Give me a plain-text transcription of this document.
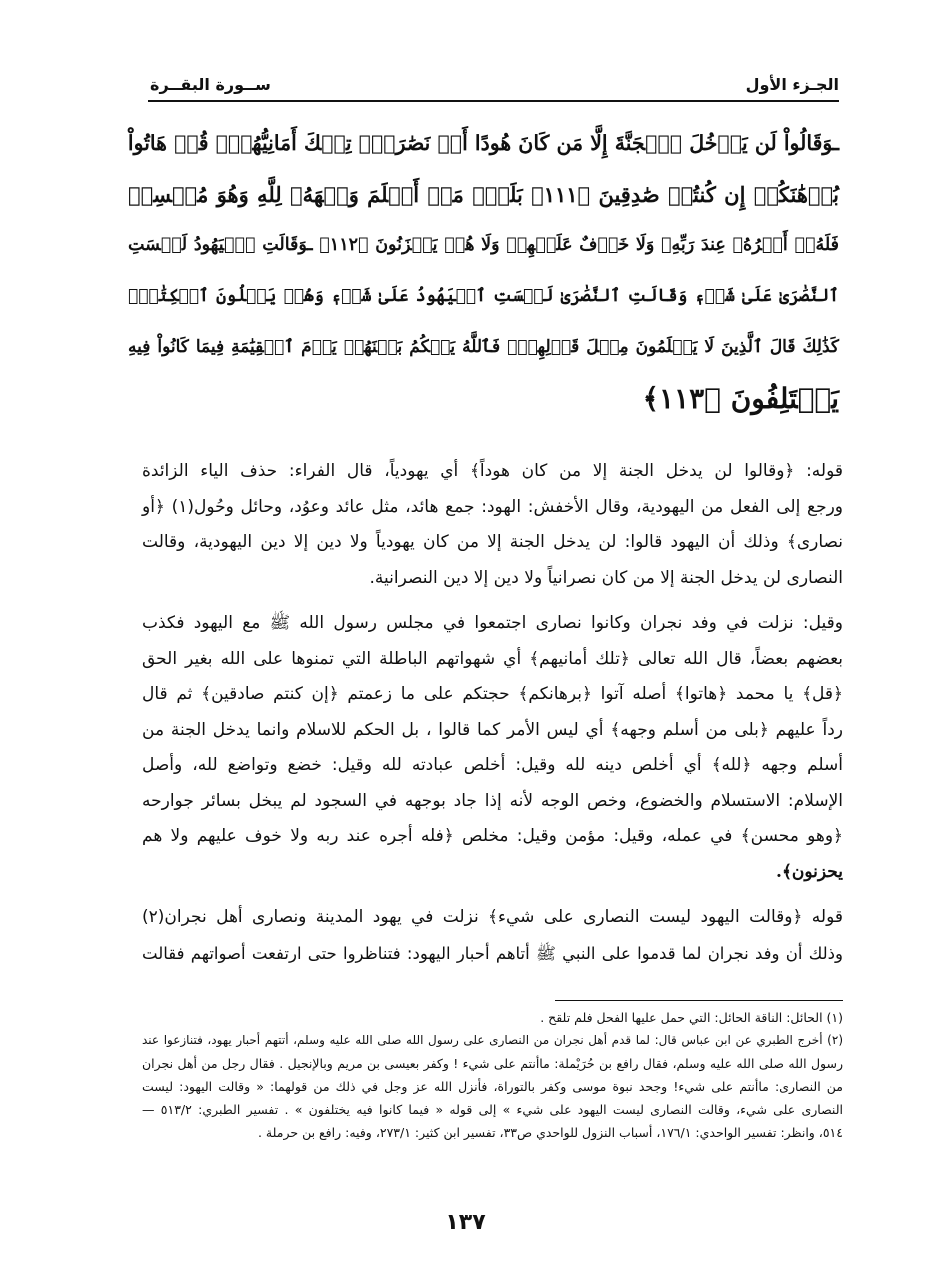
ســورة البقــرة	الجـزء الأول
ـوَقَالُواْ لَن يَدۡخُلَ ٱلۡجَنَّةَ إِلَّا مَن كَانَ هُودًا أَوۡ نَصَٰرَىٰۗ تِلۡكَ أَمَانِيُّهُمۡۗ قُلۡ هَاتُواْ
بُرۡهَٰنَكُمۡ إِن كُنتُمۡ صَٰدِقِينَ ﴿١١١﴾ بَلَىٰۚ مَنۡ أَسۡلَمَ وَجۡهَهُۥ لِلَّهِ وَهُوَ مُحۡسِنٞ
فَلَهُۥٓ أَجۡرُهُۥ عِندَ رَبِّهِۦ وَلَا خَوۡفٌ عَلَيۡهِمۡ وَلَا هُمۡ يَحۡزَنُونَ ﴿١١٢﴾ ـوَقَالَتِ ٱلۡيَهُودُ لَيۡسَتِ
ٱلنَّصَٰرَىٰ عَلَىٰ شَيۡءٖ وَقَالَتِ ٱلنَّصَٰرَىٰ لَيۡسَتِ ٱلۡيَهُودُ عَلَىٰ شَيۡءٖ وَهُمۡ يَتۡلُونَ ٱلۡكِتَٰبَۗ
كَذَٰلِكَ قَالَ ٱلَّذِينَ لَا يَعۡلَمُونَ مِثۡلَ قَوۡلِهِمۡۚ فَٱللَّهُ يَحۡكُمُ بَيۡنَهُمۡ يَوۡمَ ٱلۡقِيَٰمَةِ فِيمَا كَانُواْ فِيهِ
يَخۡتَلِفُونَ ﴿١١٣﴾
قوله: ﴿وقالوا لن يدخل الجنة إلا من كان هوداً﴾ أي يهودياً، قال الفراء: حذف الياء الزائدة
ورجع إلى الفعل من اليهودية، وقال الأخفش: الهود: جمع هائد، مثل عائد وعوُد، وحائل وحُول(١) ﴿أو
نصارى﴾ وذلك أن اليهود قالوا: لن يدخل الجنة إلا من كان يهودياً ولا دين إلا دين اليهودية، وقالت
النصارى لن يدخل الجنة إلا من كان نصرانياً ولا دين إلا دين النصرانية.
وقيل: نزلت في وفد نجران وكانوا نصارى اجتمعوا في مجلس رسول الله ﷺ مع اليهود فكذب
بعضهم بعضاً، قال الله تعالى ﴿تلك أمانيهم﴾ أي شهواتهم الباطلة التي تمنوها على الله بغير الحق
﴿قل﴾ يا محمد ﴿هاتوا﴾ أصله آتوا ﴿برهانكم﴾ حجتكم على ما زعمتم ﴿إن كنتم صادقين﴾ ثم قال
رداً عليهم ﴿بلى من أسلم وجهه﴾ أي ليس الأمر كما قالوا ، بل الحكم للاسلام وانما يدخل الجنة من
أسلم وجهه ﴿لله﴾ أي أخلص دينه لله وقيل: أخلص عبادته لله وقيل: خضع وتواضع لله، وأصل
الإسلام: الاستسلام والخضوع، وخص الوجه لأنه إذا جاد بوجهه في السجود لم يبخل بسائر جوارحه
﴿وهو محسن﴾ في عمله، وقيل: مؤمن وقيل: مخلص ﴿فله أجره عند ربه ولا خوف عليهم ولا هم
يحزنون﴾.
قوله ﴿وقالت اليهود ليست النصارى على شيء﴾ نزلت في يهود المدينة ونصارى أهل نجران(٢)
وذلك أن وفد نجران لما قدموا على النبي ﷺ أتاهم أحبار اليهود: فتناظروا حتى ارتفعت أصواتهم فقالت
(١) الحائل: الناقة الحائل: التي حمل عليها الفحل فلم تلقح .
(٢) أخرج الطبري عن ابن عباس قال: لما قدم أهل نجران من النصارى على رسول الله صلى الله عليه وسلم، أتتهم أحبار يهود، فتنازعوا عند
رسول الله صلى الله عليه وسلم، فقال رافع بن حُرَيْملة: ماأنتم على شيء ! وكفر بعيسى بن مريم وبالإنجيل . فقال رجل من أهل نجران
من النصارى: ماأنتم على شيء! وجحد نبوة موسى وكفر بالتوراة، فأنزل الله عز وجل في ذلك من قولهما: « وقالت اليهود: ليست
النصارى على شيء، وقالت النصارى ليست اليهود على شيء » إلى قوله « فيما كانوا فيه يختلفون » . تفسير الطبري: ٥١٣/٢ —
٥١٤، وانظر: تفسير الواحدي: ١٧٦/١، أسباب النزول للواحدي ص٣٣، تفسير ابن كثير: ٢٧٣/١، وفيه: رافع بن حرملة .
١٣٧
